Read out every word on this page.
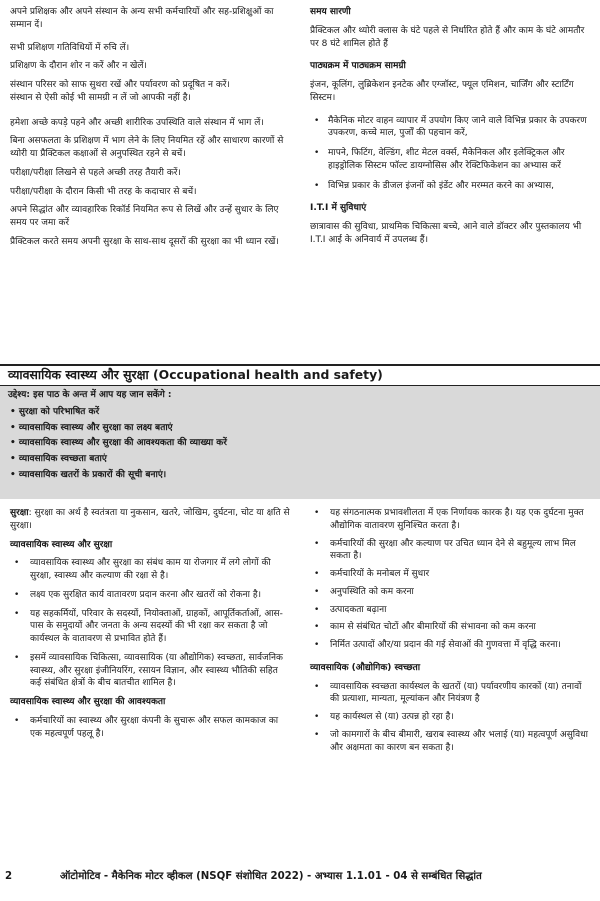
अपने प्रशिक्षक और अपने संस्थान के अन्य सभी कर्मचारियों और सह-प्रशिक्षुओं का सम्मान दें।

सभी प्रशिक्षण गतिविधियों में रुचि लें।

प्रशिक्षण के दौरान शोर न करें और न खेलें।

संस्थान परिसर को साफ सुथरा रखें और पर्यावरण को प्रदूषित न करें।

संस्थान से ऐसी कोई भी सामग्री न लें जो आपकी नहीं है।

हमेशा अच्छे कपड़े पहने और अच्छी शारीरिक उपस्थिति वाले संस्थान में भाग लें।

बिना असफलता के प्रशिक्षण में भाग लेने के लिए नियमित रहें और साधारण कारणों से थ्योरी या प्रैक्टिकल कक्षाओं से अनुपस्थित रहने से बचें।

परीक्षा/परीक्षा लिखने से पहले अच्छी तरह तैयारी करें।

परीक्षा/परीक्षा के दौरान किसी भी तरह के कदाचार से बचें।

अपने सिद्धांत और व्यावहारिक रिकॉर्ड नियमित रूप से लिखें और उन्हें सुधार के लिए समय पर जमा करें

प्रैक्टिकल करते समय अपनी सुरक्षा के साथ-साथ दूसरों की सुरक्षा का भी ध्यान रखें।

समय सारणी

प्रैक्टिकल और थ्योरी क्लास के घंटे पहले से निर्धारित होते हैं और काम के घंटे आमतौर पर 8 घंटे शामिल होते हैं

पाठ्यक्रम में पाठ्यक्रम सामग्री

इंजन, कूलिंग, लुब्रिकेशन इनटेक और एग्जॉस्ट, फ्यूल एमिशन, चार्जिंग और स्टार्टिंग सिस्टम।

• मैकेनिक मोटर वाहन व्यापार में उपयोग किए जाने वाले विभिन्न प्रकार के उपकरण उपकरण, कच्चे माल, पुर्जों की पहचान करें,
• मापने, फिटिंग, वेल्डिंग, शीट मेटल वर्क्स, मैकेनिकल और इलेक्ट्रिकल और हाइड्रोलिक सिस्टम फॉल्ट डायग्नोसिस और रेक्टिफिकेशन का अभ्यास करें
• विभिन्न प्रकार के डीजल इंजनों को इंडेंट और मरम्मत करने का अभ्यास,

I.T.I में सुविधाएं

छात्रावास की सुविधा, प्राथमिक चिकित्सा बच्चे, आने वाले डॉक्टर और पुस्तकालय भी I.T.I आई के अनिवार्य में उपलब्ध हैं।

व्यावसायिक स्वास्थ्य और सुरक्षा (Occupational health and safety)

उद्देश्य: इस पाठ के अन्त में आप यह जान सकेंगे :

• सुरक्षा को परिभाषित करें
• व्यावसायिक स्वास्थ्य और सुरक्षा का लक्ष्य बताएं
• व्यावसायिक स्वास्थ्य और सुरक्षा की आवश्यकता की व्याख्या करें
• व्यावसायिक स्वच्छता बताएं
• व्यावसायिक खतरों के प्रकारों की सूची बनाएं।

सुरक्षा: सुरक्षा का अर्थ है स्वतंत्रता या नुकसान, खतरे, जोखिम, दुर्घटना, चोट या क्षति से सुरक्षा।

व्यावसायिक स्वास्थ्य और सुरक्षा

• व्यावसायिक स्वास्थ्य और सुरक्षा का संबंध काम या रोजगार में लगे लोगों की सुरक्षा, स्वास्थ्य और कल्याण की रक्षा से है।
• लक्ष्य एक सुरक्षित कार्य वातावरण प्रदान करना और खतरों को रोकना है।
• यह सहकर्मियों, परिवार के सदस्यों, नियोक्ताओं, ग्राहकों, आपूर्तिकर्ताओं, आस-पास के समुदायों और जनता के अन्य सदस्यों की भी रक्षा कर सकता है जो कार्यस्थल के वातावरण से प्रभावित होते हैं।
• इसमें व्यावसायिक चिकित्सा, व्यावसायिक (या औद्योगिक) स्वच्छता, सार्वजनिक स्वास्थ्य, और सुरक्षा इंजीनियरिंग, रसायन विज्ञान, और स्वास्थ्य भौतिकी सहित कई संबंधित क्षेत्रों के बीच बातचीत शामिल है।

व्यावसायिक स्वास्थ्य और सुरक्षा की आवश्यकता

• कर्मचारियों का स्वास्थ्य और सुरक्षा कंपनी के सुचारू और सफल कामकाज का एक महत्वपूर्ण पहलू है।
• यह संगठनात्मक प्रभावशीलता में एक निर्णायक कारक है। यह एक दुर्घटना मुक्त औद्योगिक वातावरण सुनिश्चित करता है।
• कर्मचारियों की सुरक्षा और कल्याण पर उचित ध्यान देने से बहुमूल्य लाभ मिल सकता है।
• कर्मचारियों के मनोबल में सुधार
• अनुपस्थिति को कम करना
• उत्पादकता बढ़ाना
• काम से संबंधित चोटों और बीमारियों की संभावना को कम करना
• निर्मित उत्पादों और/या प्रदान की गई सेवाओं की गुणवत्ता में वृद्धि करना।

व्यावसायिक (औद्योगिक) स्वच्छता

• व्यावसायिक स्वच्छता कार्यस्थल के खतरों (या) पर्यावरणीय कारकों (या) तनावों की प्रत्याशा, मान्यता, मूल्यांकन और नियंत्रण है
• यह कार्यस्थल से (या) उत्पन्न हो रहा है।
• जो कामगारों के बीच बीमारी, खराब स्वास्थ्य और भलाई (या) महत्वपूर्ण असुविधा और अक्षमता का कारण बन सकता है।
2	ऑटोमोटिव - मैकेनिक मोटर व्हीकल (NSQF संशोधित 2022) - अभ्यास 1.1.01 - 04 से सम्बंधित सिद्धांत
